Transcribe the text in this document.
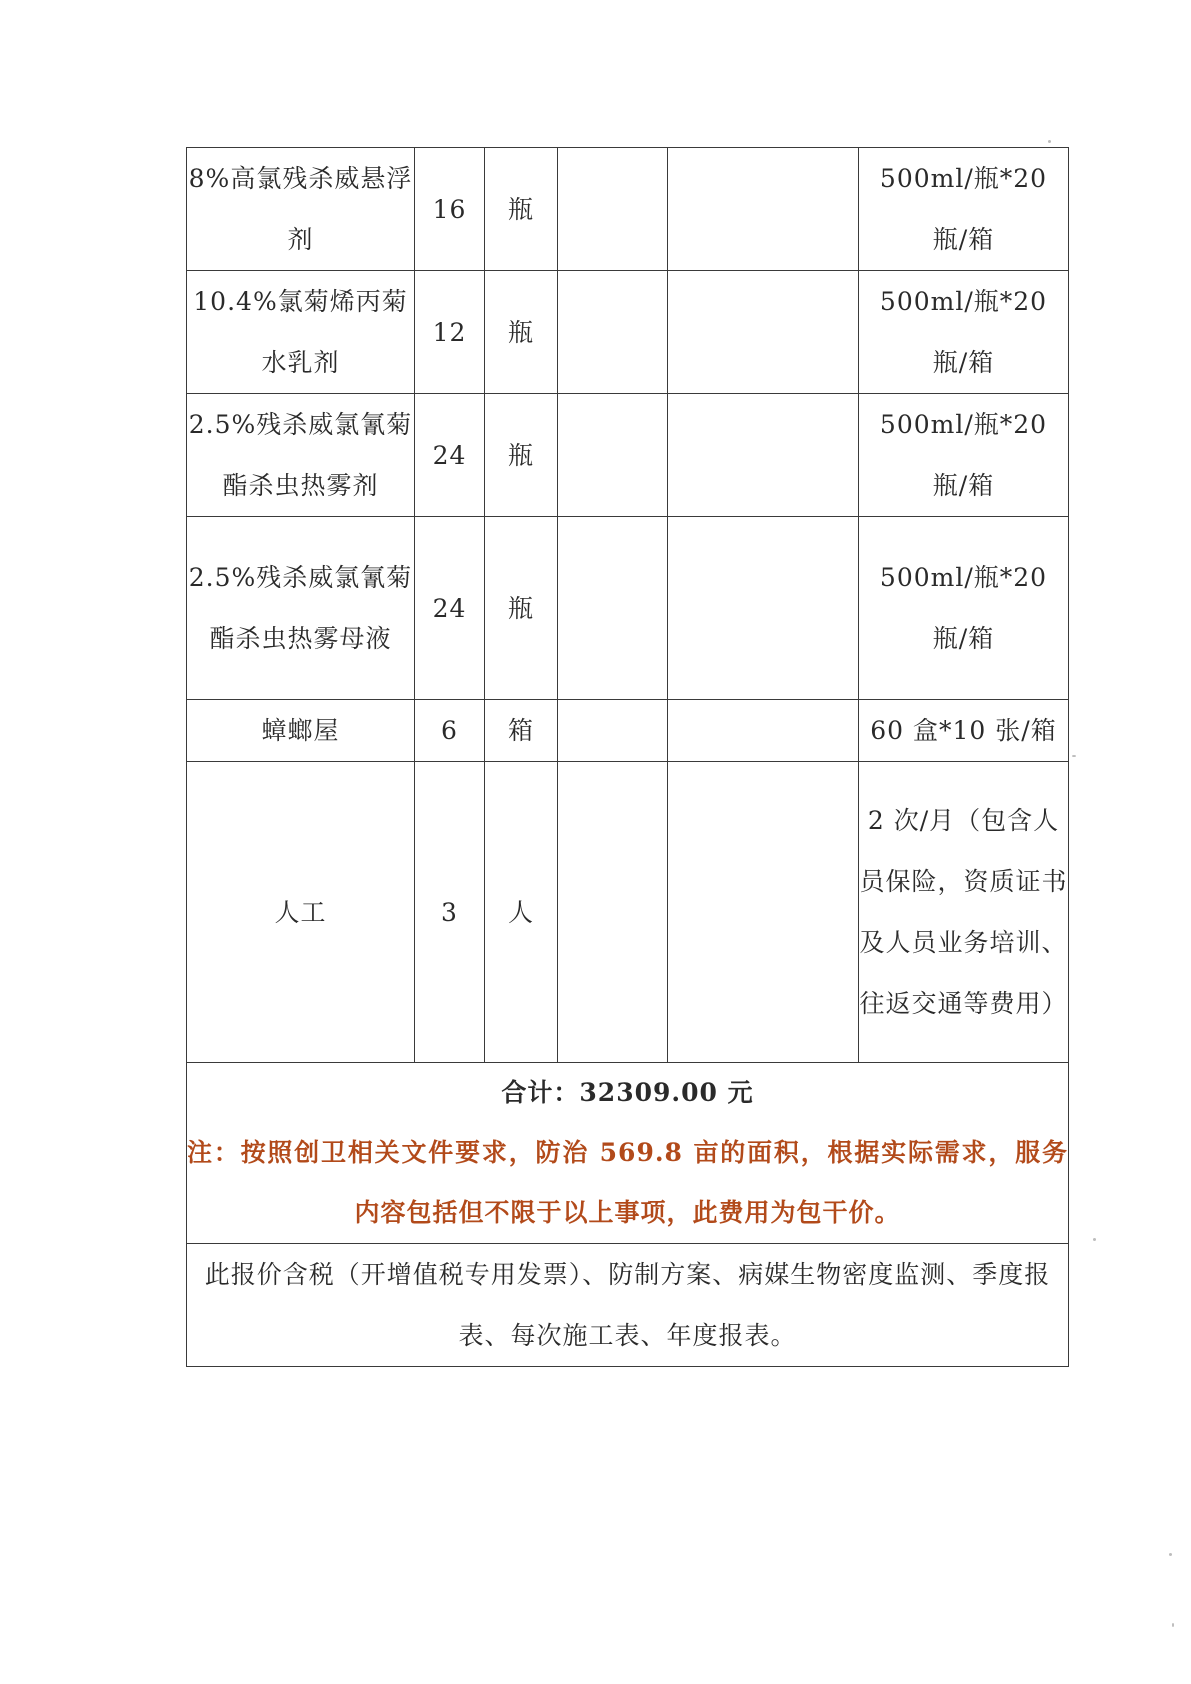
8%高氯残杀威悬浮剂	16	瓶			500ml/瓶*20 瓶/箱
10.4%氯菊烯丙菊水乳剂	12	瓶			500ml/瓶*20 瓶/箱
2.5%残杀威氯氰菊酯杀虫热雾剂	24	瓶			500ml/瓶*20 瓶/箱
2.5%残杀威氯氰菊酯杀虫热雾母液	24	瓶			500ml/瓶*20 瓶/箱
蟑螂屋	6	箱			60 盒*10 张/箱
人工	3	人			2 次/月（包含人员保险，资质证书及人员业务培训、往返交通等费用）

合计：32309.00 元
注：按照创卫相关文件要求，防治 569.8 亩的面积，根据实际需求，服务内容包括但不限于以上事项，此费用为包干价。					

此报价含税（开增值税专用发票）、防制方案、病媒生物密度监测、季度报表、每次施工表、年度报表。					
